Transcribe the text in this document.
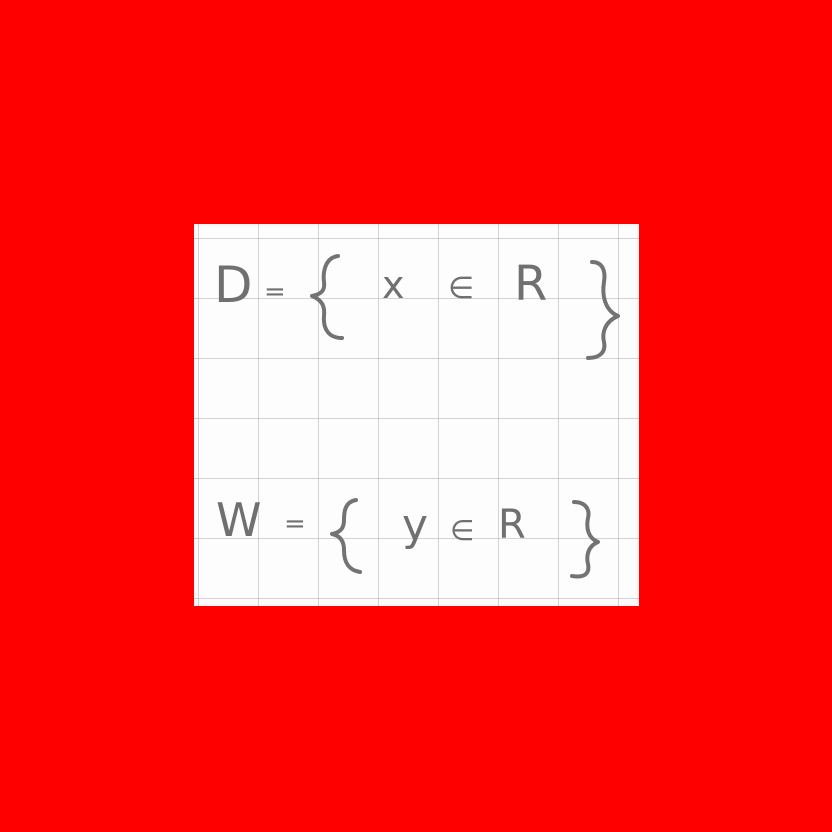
D =	x ∈ R
W = y ∈ R
